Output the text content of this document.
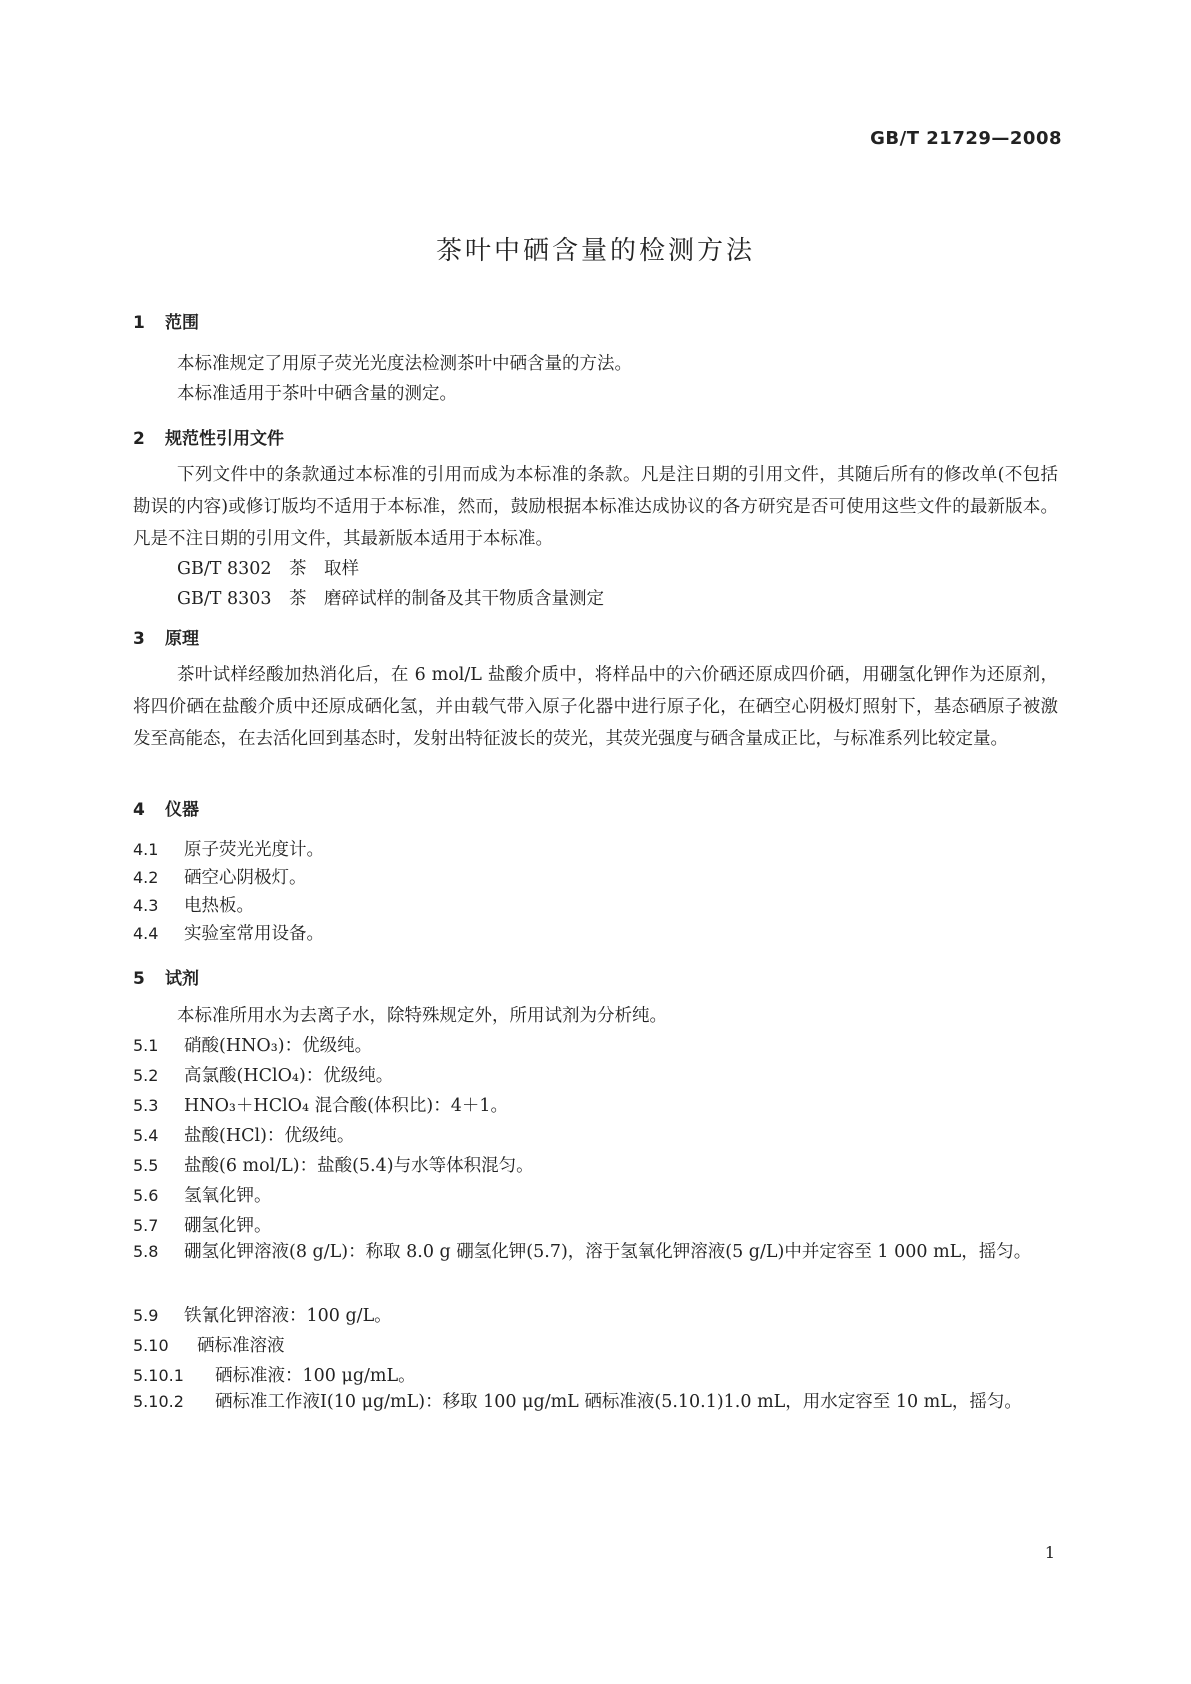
GB/T 21729—2008
茶叶中硒含量的检测方法
1 范围
本标准规定了用原子荧光光度法检测茶叶中硒含量的方法。
本标准适用于茶叶中硒含量的测定。
2 规范性引用文件
下列文件中的条款通过本标准的引用而成为本标准的条款。凡是注日期的引用文件，其随后所有的修改单(不包括勘误的内容)或修订版均不适用于本标准，然而，鼓励根据本标准达成协议的各方研究是否可使用这些文件的最新版本。凡是不注日期的引用文件，其最新版本适用于本标准。
GB/T 8302　茶　取样
GB/T 8303　茶　磨碎试样的制备及其干物质含量测定
3 原理
茶叶试样经酸加热消化后，在 6 mol/L 盐酸介质中，将样品中的六价硒还原成四价硒，用硼氢化钾作为还原剂，将四价硒在盐酸介质中还原成硒化氢，并由载气带入原子化器中进行原子化，在硒空心阴极灯照射下，基态硒原子被激发至高能态，在去活化回到基态时，发射出特征波长的荧光，其荧光强度与硒含量成正比，与标准系列比较定量。
4 仪器
4.1 原子荧光光度计。
4.2 硒空心阴极灯。
4.3 电热板。
4.4 实验室常用设备。
5 试剂
本标准所用水为去离子水，除特殊规定外，所用试剂为分析纯。
5.1 硝酸(HNO₃)：优级纯。
5.2 高氯酸(HClO₄)：优级纯。
5.3 HNO₃＋HClO₄ 混合酸(体积比)：4＋1。
5.4 盐酸(HCl)：优级纯。
5.5 盐酸(6 mol/L)：盐酸(5.4)与水等体积混匀。
5.6 氢氧化钾。
5.7 硼氢化钾。
5.8 硼氢化钾溶液(8 g/L)：称取 8.0 g 硼氢化钾(5.7)，溶于氢氧化钾溶液(5 g/L)中并定容至 1 000 mL，摇匀。
5.9 铁氰化钾溶液：100 g/L。
5.10 硒标准溶液
5.10.1 硒标准液：100 μg/mL。
5.10.2 硒标准工作液Ⅰ(10 μg/mL)：移取 100 μg/mL 硒标准液(5.10.1)1.0 mL，用水定容至 10 mL，摇匀。
1
